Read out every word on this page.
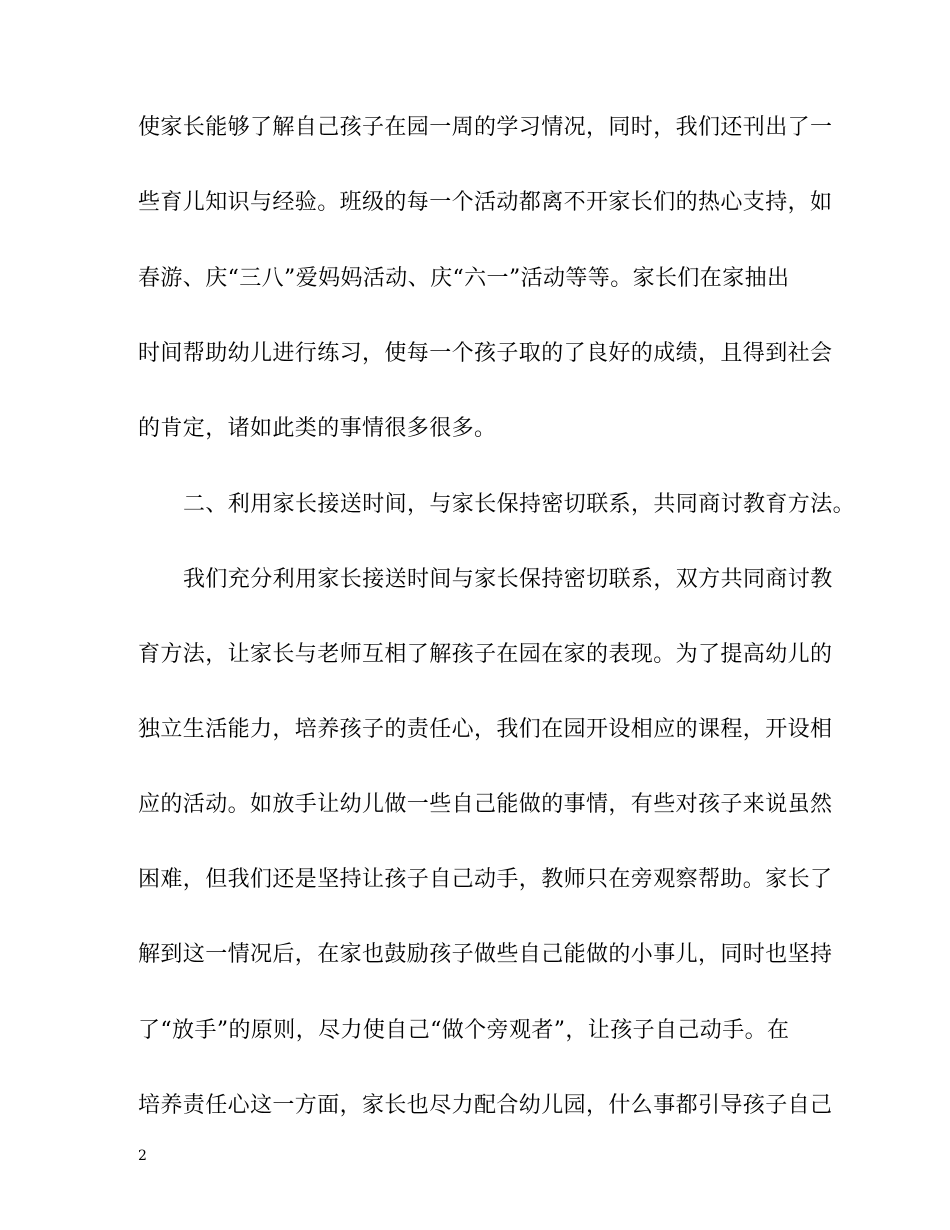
使家长能够了解自己孩子在园一周的学习情况，同时，我们还刊出了一
些育儿知识与经验。班级的每一个活动都离不开家长们的热心支持，如
春游、庆“三八”爱妈妈活动、庆“六一”活动等等。家长们在家抽出
时间帮助幼儿进行练习，使每一个孩子取的了良好的成绩，且得到社会
的肯定，诸如此类的事情很多很多。
二、利用家长接送时间，与家长保持密切联系，共同商讨教育方法。
我们充分利用家长接送时间与家长保持密切联系，双方共同商讨教
育方法，让家长与老师互相了解孩子在园在家的表现。为了提高幼儿的
独立生活能力，培养孩子的责任心，我们在园开设相应的课程，开设相
应的活动。如放手让幼儿做一些自己能做的事情，有些对孩子来说虽然
困难，但我们还是坚持让孩子自己动手，教师只在旁观察帮助。家长了
解到这一情况后，在家也鼓励孩子做些自己能做的小事儿，同时也坚持
了“放手”的原则，尽力使自己“做个旁观者”，让孩子自己动手。在
培养责任心这一方面，家长也尽力配合幼儿园，什么事都引导孩子自己
2
